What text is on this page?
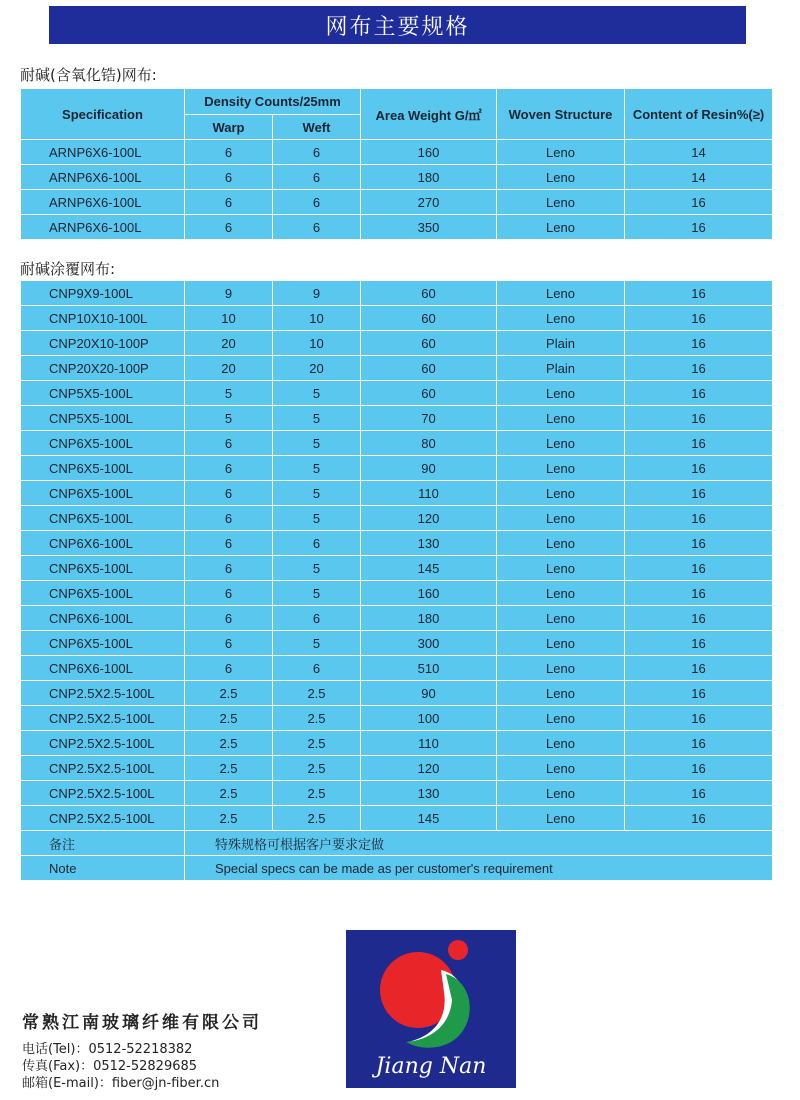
网布主要规格
耐碱(含氧化锆)网布:
Specification	Density Counts/25mm		Area Weight G/㎡	Woven Structure	Content of Resin%(≥)
	Warp	Weft			
ARNP6X6-100L	6	6	160	Leno	14
ARNP6X6-100L	6	6	180	Leno	14
ARNP6X6-100L	6	6	270	Leno	16
ARNP6X6-100L	6	6	350	Leno	16
耐碱涂覆网布:
CNP9X9-100L	9	9	60	Leno	16
CNP10X10-100L	10	10	60	Leno	16
CNP20X10-100P	20	10	60	Plain	16
CNP20X20-100P	20	20	60	Plain	16
CNP5X5-100L	5	5	60	Leno	16
CNP5X5-100L	5	5	70	Leno	16
CNP6X5-100L	6	5	80	Leno	16
CNP6X5-100L	6	5	90	Leno	16
CNP6X5-100L	6	5	110	Leno	16
CNP6X5-100L	6	5	120	Leno	16
CNP6X6-100L	6	6	130	Leno	16
CNP6X5-100L	6	5	145	Leno	16
CNP6X5-100L	6	5	160	Leno	16
CNP6X6-100L	6	6	180	Leno	16
CNP6X5-100L	6	5	300	Leno	16
CNP6X6-100L	6	6	510	Leno	16
CNP2.5X2.5-100L	2.5	2.5	90	Leno	16
CNP2.5X2.5-100L	2.5	2.5	100	Leno	16
CNP2.5X2.5-100L	2.5	2.5	110	Leno	16
CNP2.5X2.5-100L	2.5	2.5	120	Leno	16
CNP2.5X2.5-100L	2.5	2.5	130	Leno	16
CNP2.5X2.5-100L	2.5	2.5	145	Leno	16
备注	特殊规格可根据客户要求定做				
Note	Special specs can be made as per customer's requirement				
常熟江南玻璃纤维有限公司
电话(Tel)：0512-52218382
传真(Fax)：0512-52829685
邮箱(E-mail)：fiber@jn-fiber.cn
Jiang Nan
